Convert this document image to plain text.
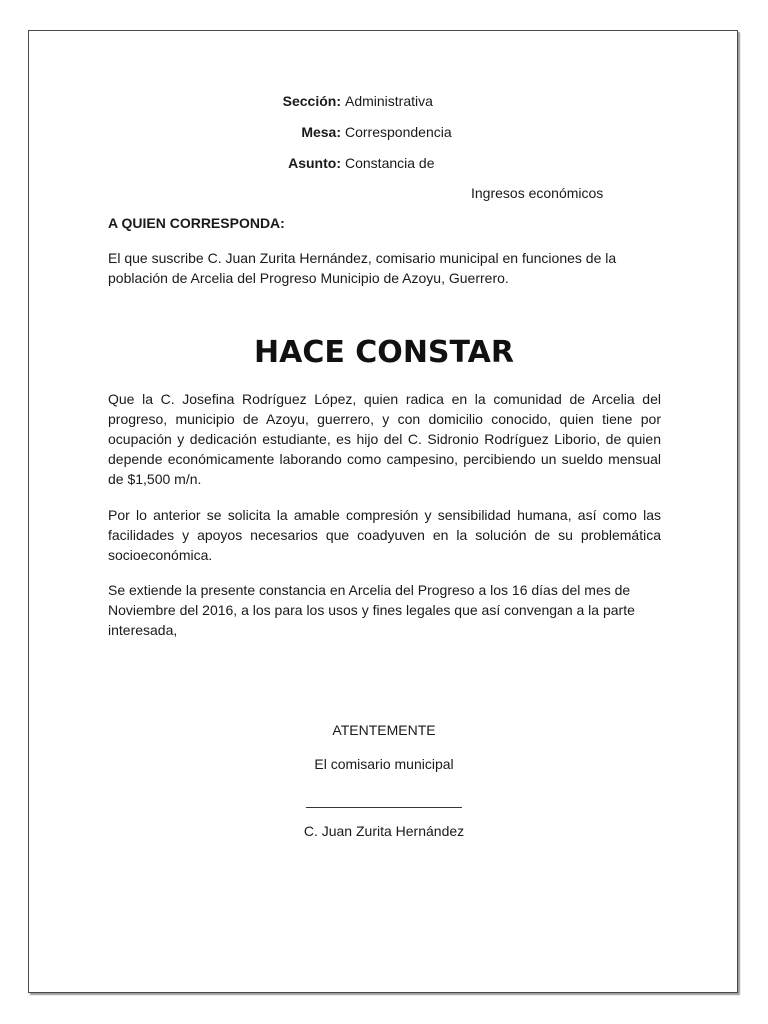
Sección: Administrativa
Mesa: Correspondencia
Asunto: Constancia de
Ingresos económicos
A QUIEN CORRESPONDA:

El que suscribe C. Juan Zurita Hernández, comisario municipal en funciones de la población de Arcelia del Progreso Municipio de Azoyu, Guerrero.

HACE CONSTAR

Que la C. Josefina Rodríguez López, quien radica en la comunidad de Arcelia del progreso, municipio de Azoyu, guerrero, y con domicilio conocido, quien tiene por ocupación y dedicación estudiante, es hijo del C. Sidronio Rodríguez Liborio, de quien depende económicamente laborando como campesino, percibiendo un sueldo mensual de $1,500 m/n.

Por lo anterior se solicita la amable compresión y sensibilidad humana, así como las facilidades y apoyos necesarios que coadyuven en la solución de su problemática socioeconómica.

Se extiende la presente constancia en Arcelia del Progreso a los 16 días del mes de Noviembre del 2016, a los para los usos y fines legales que así convengan a la parte interesada,

ATENTEMENTE
El comisario municipal
____________________
C. Juan Zurita Hernández
